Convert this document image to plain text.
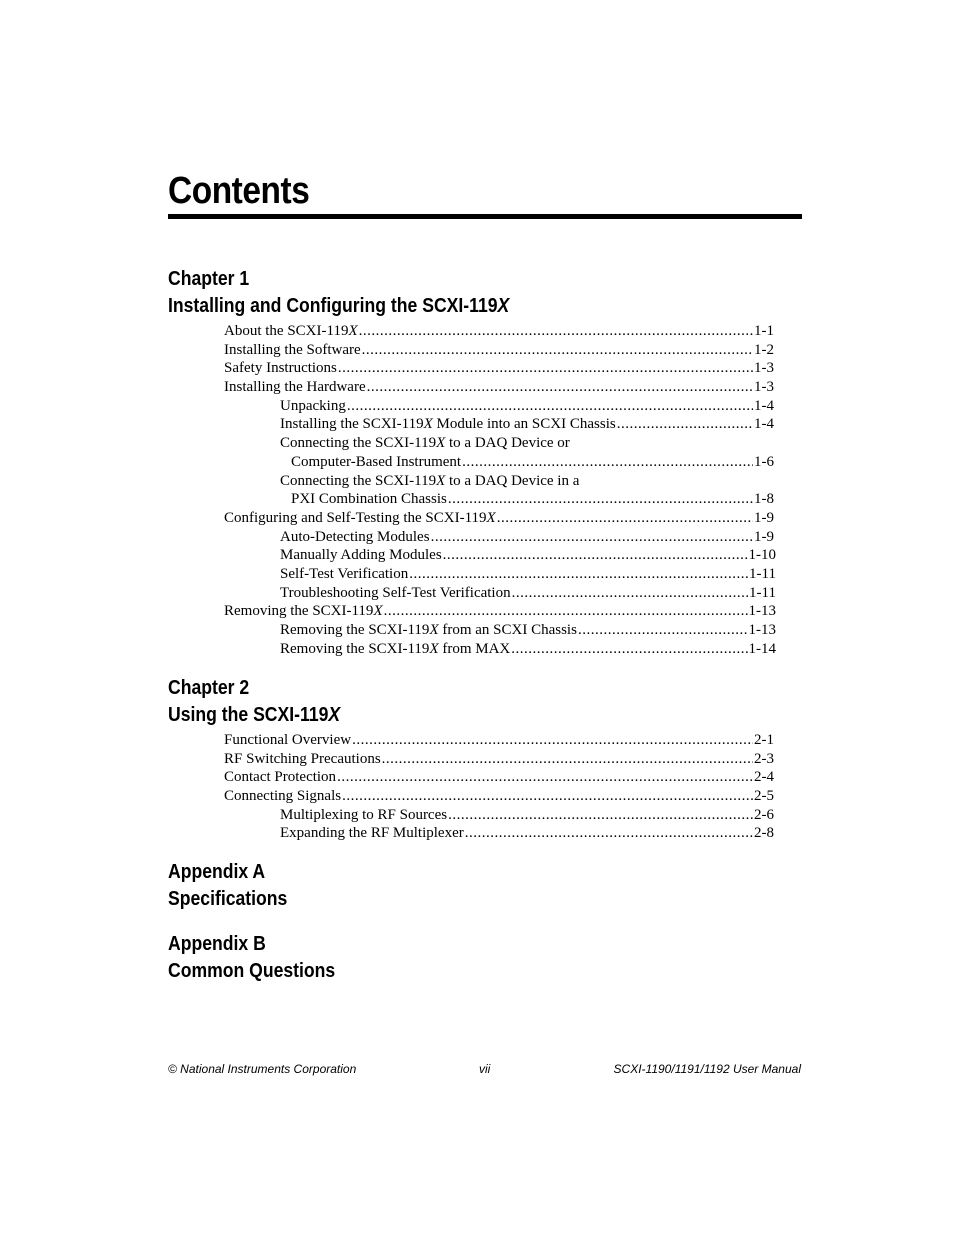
Contents
Chapter 1
Installing and Configuring the SCXI-119X
About the SCXI-119X .....	1-1
Installing the Software .....	1-2
Safety Instructions .....	1-3
Installing the Hardware .....	1-3
Unpacking .....	1-4
Installing the SCXI-119X Module into an SCXI Chassis .....	1-4
Connecting the SCXI-119X to a DAQ Device or
Computer-Based Instrument .....	1-6
Connecting the SCXI-119X to a DAQ Device in a
PXI Combination Chassis .....	1-8
Configuring and Self-Testing the SCXI-119X .....	1-9
Auto-Detecting Modules .....	1-9
Manually Adding Modules .....	1-10
Self-Test Verification .....	1-11
Troubleshooting Self-Test Verification .....	1-11
Removing the SCXI-119X .....	1-13
Removing the SCXI-119X from an SCXI Chassis .....	1-13
Removing the SCXI-119X from MAX .....	1-14
Chapter 2
Using the SCXI-119X
Functional Overview .....	2-1
RF Switching Precautions .....	2-3
Contact Protection .....	2-4
Connecting Signals .....	2-5
Multiplexing to RF Sources .....	2-6
Expanding the RF Multiplexer .....	2-8
Appendix A
Specifications
Appendix B
Common Questions
© National Instruments Corporation	vii	SCXI-1190/1191/1192 User Manual
